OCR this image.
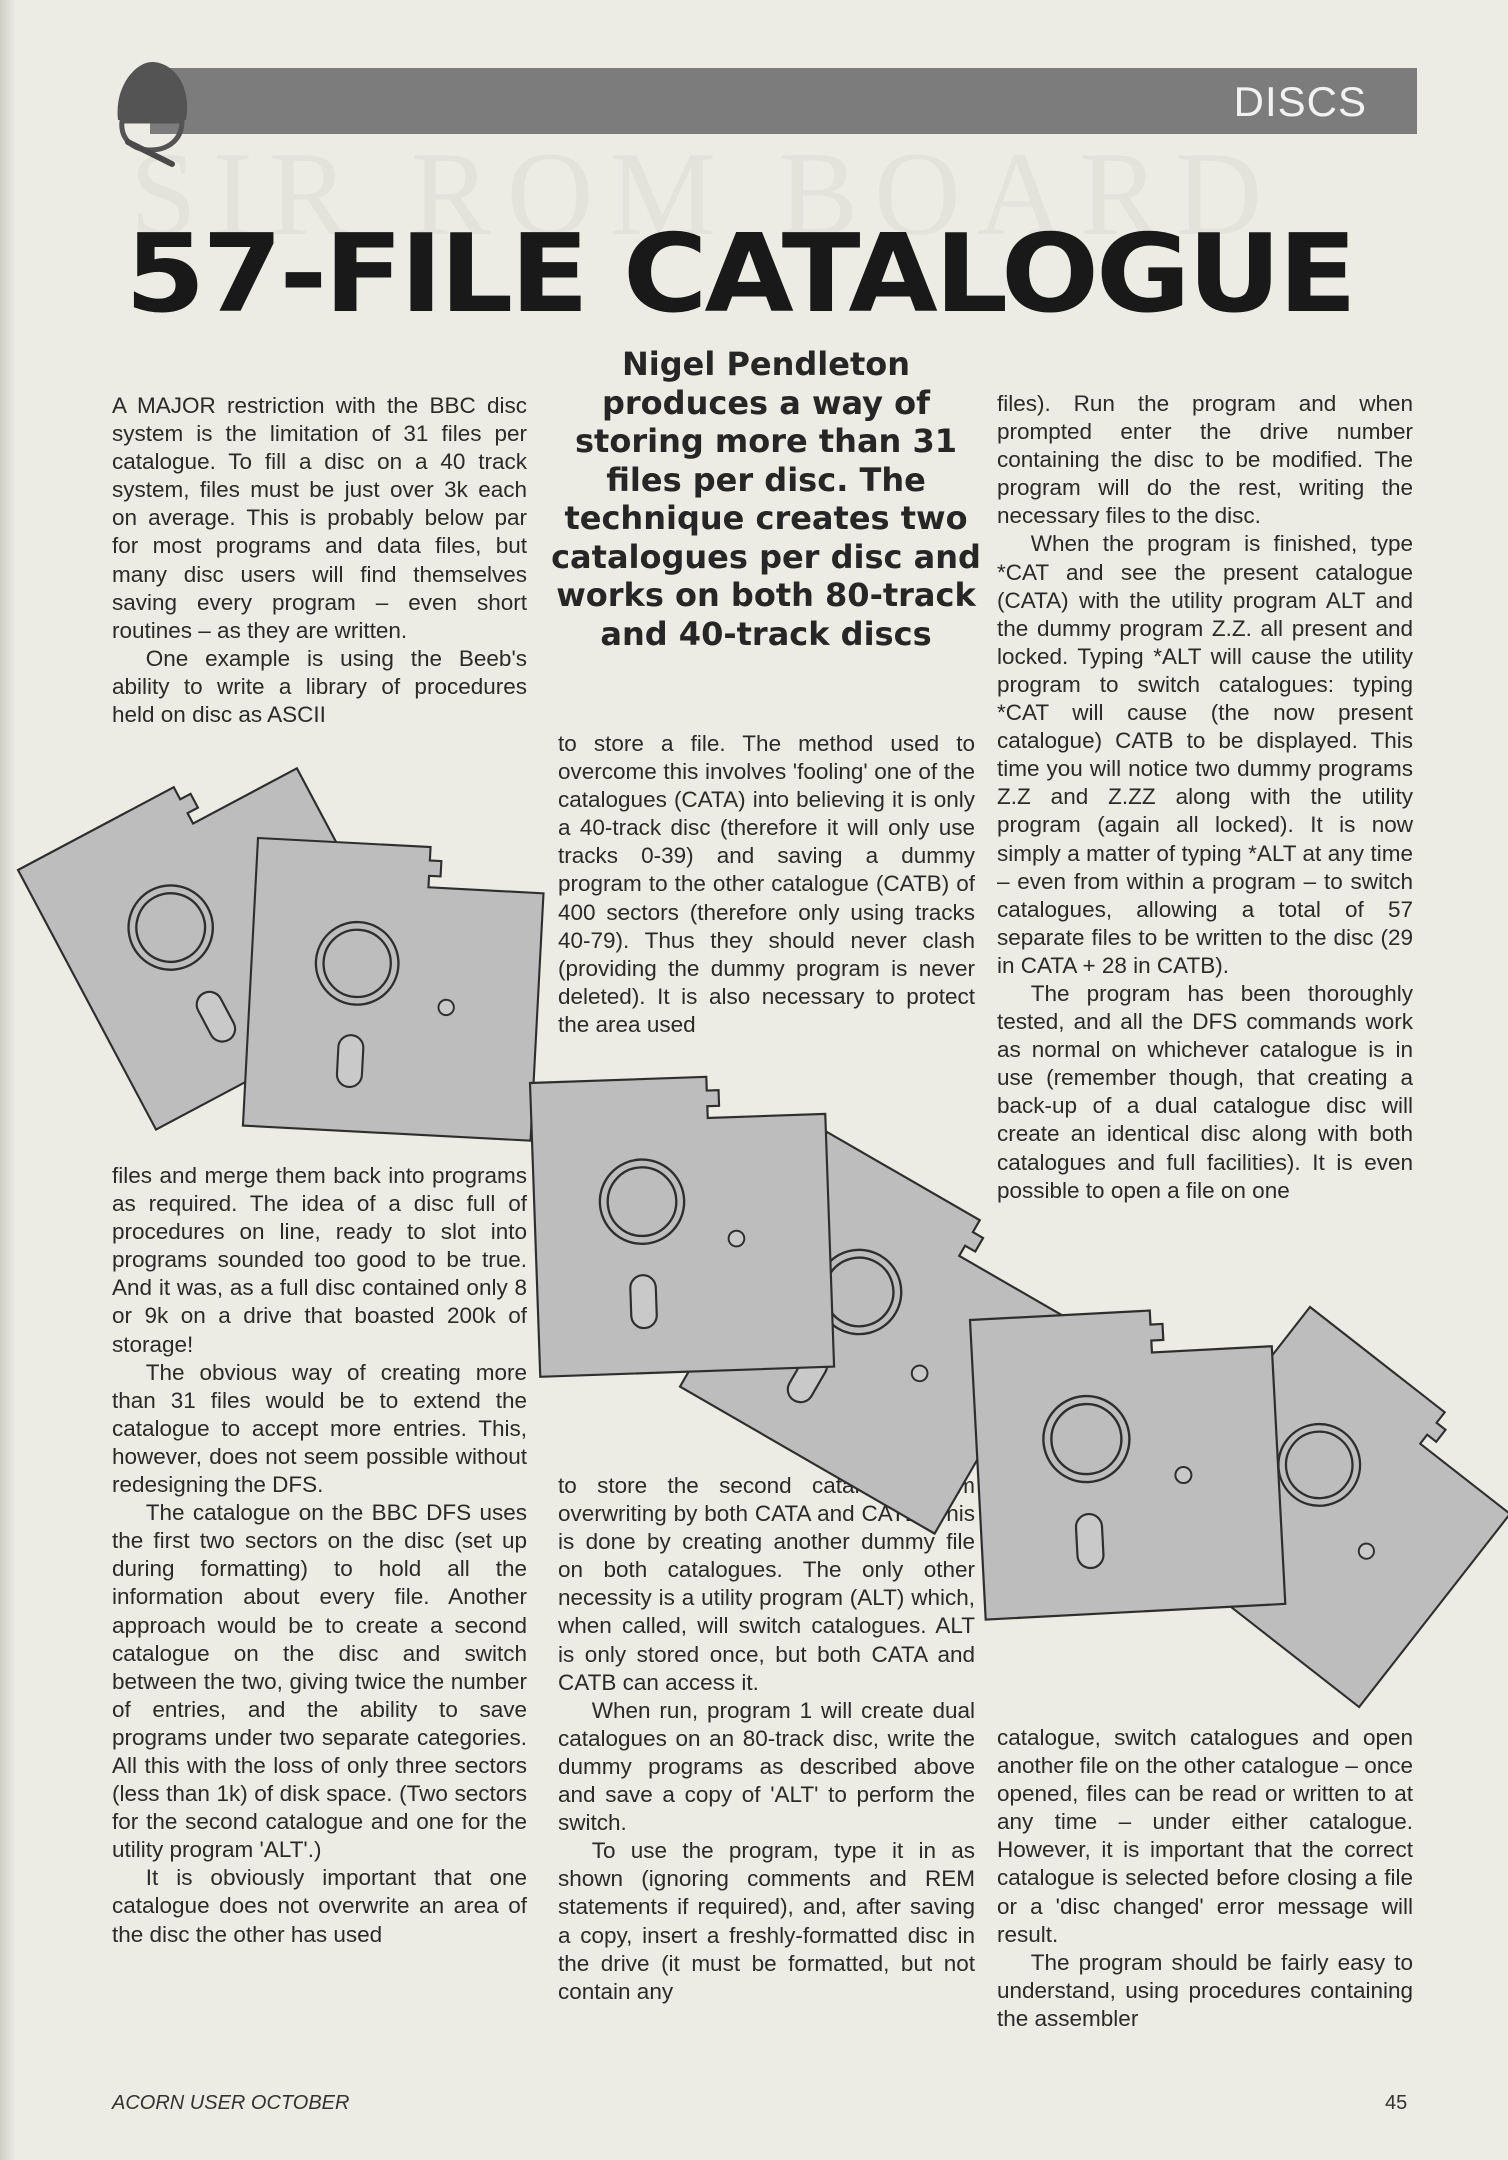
DISCS
57-FILE CATALOGUE
Nigel Pendleton produces a way of storing more than 31 files per disc. The technique creates two catalogues per disc and works on both 80-track and 40-track discs

A MAJOR restriction with the BBC disc system is the limitation of 31 files per catalogue. To fill a disc on a 40 track system, files must be just over 3k each on average. This is probably below par for most programs and data files, but many disc users will find themselves saving every program – even short routines – as they are written.

One example is using the Beeb's ability to write a library of procedures held on disc as ASCII

files and merge them back into programs as required. The idea of a disc full of procedures on line, ready to slot into programs sounded too good to be true. And it was, as a full disc contained only 8 or 9k on a drive that boasted 200k of storage!

The obvious way of creating more than 31 files would be to extend the catalogue to accept more entries. This, however, does not seem possible without redesigning the DFS.

The catalogue on the BBC DFS uses the first two sectors on the disc (set up during formatting) to hold all the information about every file. Another approach would be to create a second catalogue on the disc and switch between the two, giving twice the number of entries, and the ability to save programs under two separate categories. All this with the loss of only three sectors (less than 1k) of disk space. (Two sectors for the second catalogue and one for the utility program 'ALT'.)

It is obviously important that one catalogue does not overwrite an area of the disc the other has used

to store a file. The method used to overcome this involves 'fooling' one of the catalogues (CATA) into believing it is only a 40-track disc (therefore it will only use tracks 0-39) and saving a dummy program to the other catalogue (CATB) of 400 sectors (therefore only using tracks 40-79). Thus they should never clash (providing the dummy program is never deleted). It is also necessary to protect the area used

to store the second catalogue from overwriting by both CATA and CATB. This is done by creating another dummy file on both catalogues. The only other necessity is a utility program (ALT) which, when called, will switch catalogues. ALT is only stored once, but both CATA and CATB can access it.

When run, program 1 will create dual catalogues on an 80-track disc, write the dummy programs as described above and save a copy of 'ALT' to perform the switch.

To use the program, type it in as shown (ignoring comments and REM statements if required), and, after saving a copy, insert a freshly-formatted disc in the drive (it must be formatted, but not contain any

files). Run the program and when prompted enter the drive number containing the disc to be modified. The program will do the rest, writing the necessary files to the disc.

When the program is finished, type *CAT and see the present catalogue (CATA) with the utility program ALT and the dummy program Z.Z. all present and locked. Typing *ALT will cause the utility program to switch catalogues: typing *CAT will cause (the now present catalogue) CATB to be displayed. This time you will notice two dummy programs Z.Z and Z.ZZ along with the utility program (again all locked). It is now simply a matter of typing *ALT at any time – even from within a program – to switch catalogues, allowing a total of 57 separate files to be written to the disc (29 in CATA + 28 in CATB).

The program has been thoroughly tested, and all the DFS commands work as normal on whichever catalogue is in use (remember though, that creating a back-up of a dual catalogue disc will create an identical disc along with both catalogues and full facilities). It is even possible to open a file on one

catalogue, switch catalogues and open another file on the other catalogue – once opened, files can be read or written to at any time – under either catalogue. However, it is important that the correct catalogue is selected before closing a file or a 'disc changed' error message will result.

The program should be fairly easy to understand, using procedures containing the assembler

ACORN USER OCTOBER	45
